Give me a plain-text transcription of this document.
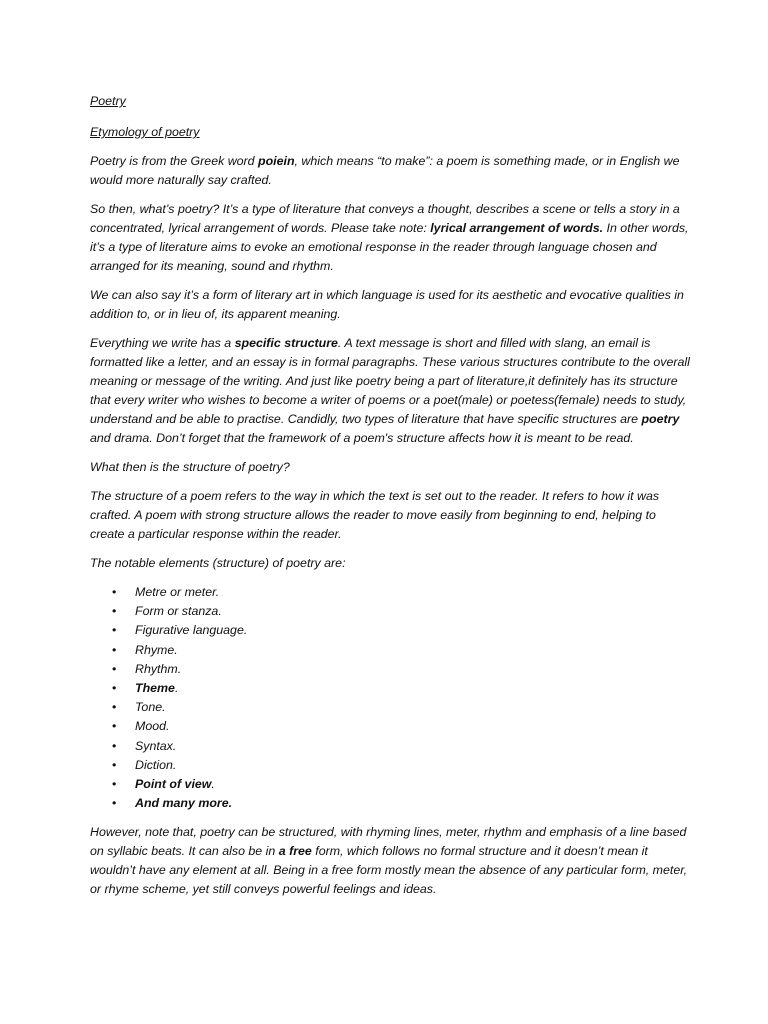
Poetry

Etymology of poetry

Poetry is from the Greek word poiein, which means “to make”: a poem is something made, or in English we would more naturally say crafted.

So then, what’s poetry? It’s a type of literature that conveys a thought, describes a scene or tells a story in a concentrated, lyrical arrangement of words. Please take note: lyrical arrangement of words. In other words, it’s a type of literature aims to evoke an emotional response in the reader through language chosen and arranged for its meaning, sound and rhythm.

We can also say it’s a form of literary art in which language is used for its aesthetic and evocative qualities in addition to, or in lieu of, its apparent meaning.

Everything we write has a specific structure. A text message is short and filled with slang, an email is formatted like a letter, and an essay is in formal paragraphs. These various structures contribute to the overall meaning or message of the writing. And just like poetry being a part of literature,it definitely has its structure that every writer who wishes to become a writer of poems or a poet(male) or poetess(female) needs to study, understand and be able to practise. Candidly, two types of literature that have specific structures are poetry and drama. Don’t forget that the framework of a poem's structure affects how it is meant to be read.

What then is the structure of poetry?

The structure of a poem refers to the way in which the text is set out to the reader. It refers to how it was crafted. A poem with strong structure allows the reader to move easily from beginning to end, helping to create a particular response within the reader.

The notable elements (structure) of poetry are:

• Metre or meter.
• Form or stanza.
• Figurative language.
• Rhyme.
• Rhythm.
• Theme.
• Tone.
• Mood.
• Syntax.
• Diction.
• Point of view.
• And many more.

However, note that, poetry can be structured, with rhyming lines, meter, rhythm and emphasis of a line based on syllabic beats. It can also be in a free form, which follows no formal structure and it doesn’t mean it wouldn’t have any element at all. Being in a free form mostly mean the absence of any particular form, meter, or rhyme scheme, yet still conveys powerful feelings and ideas.
